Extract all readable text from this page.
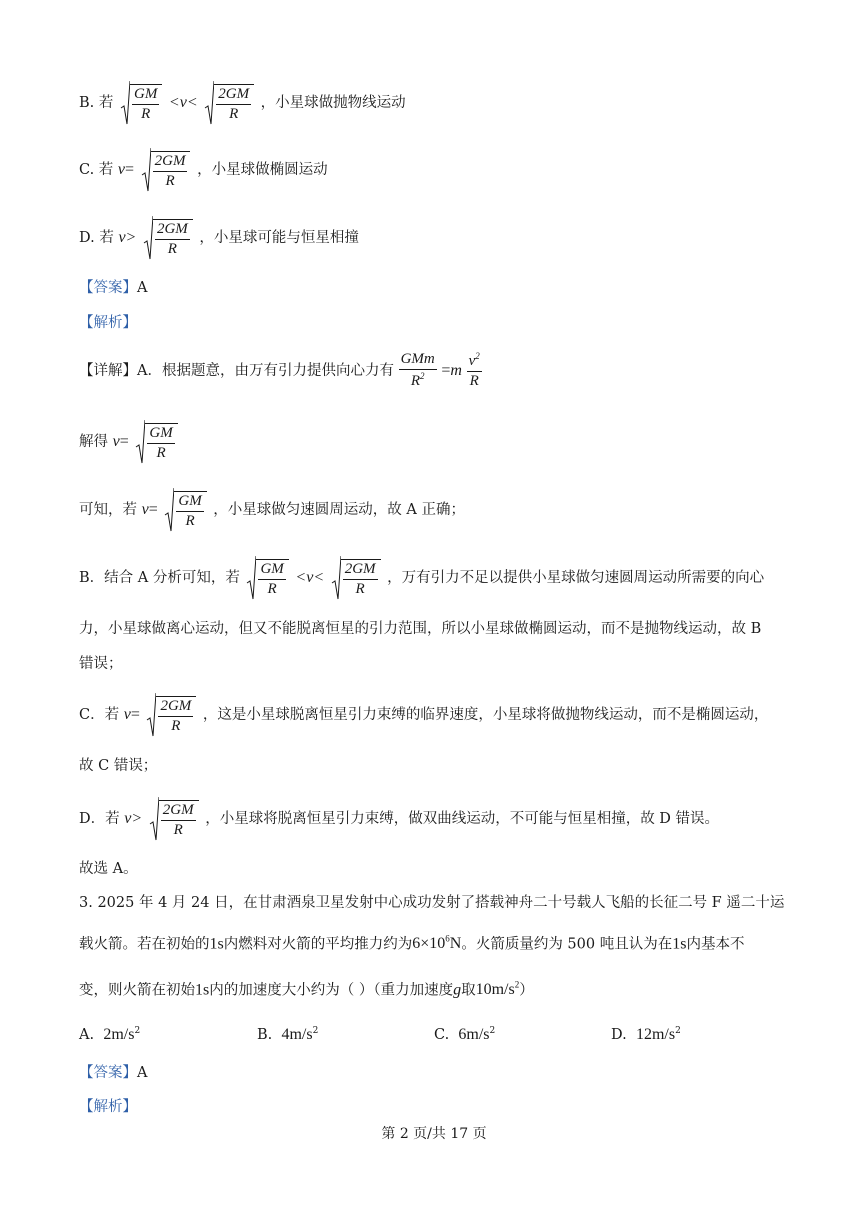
B. 若 $\frac{GM}{R} <v< \frac{2GM}{R}$ ，小星球做抛物线运动
C. 若 $v= \frac{2GM}{R}$ ，小星球做椭圆运动
D. 若 $v> \frac{2GM}{R}$ ，小星球可能与恒星相撞
【答案】A
【解析】
【详解】A．根据题意，由万有引力提供向心力有 $\frac{\text{GMm}}{R^2} =m \frac{v^2}{R}$
解得 $v= \frac{GM}{R}$
可知，若 $v= \frac{GM}{R}$ ，小星球做匀速圆周运动，故 A 正确；
B．结合 A 分析可知，若 $\frac{GM}{R} <v< \frac{2GM}{R}$ ，万有引力不足以提供小星球做匀速圆周运动所需要的向心
力，小星球做离心运动，但又不能脱离恒星的引力范围，所以小星球做椭圆运动，而不是抛物线运动，故 B
错误；
C．若 $v= \frac{2GM}{R}$ ，这是小星球脱离恒星引力束缚的临界速度，小星球将做抛物线运动，而不是椭圆运动，
故 C 错误；
D．若 $v> \frac{2GM}{R}$ ，小星球将脱离恒星引力束缚，做双曲线运动，不可能与恒星相撞，故 D 错误。
故选 A。
3. 2025 年 4 月 24 日，在甘肃酒泉卫星发射中心成功发射了搭载神舟二十号载人飞船的长征二号 F 遥二十运
载火箭。若在初始的1s内燃料对火箭的平均推力约为$6\times 10^6N$。火箭质量约为 500 吨且认为在1s内基本不
变，则火箭在初始1s内的加速度大小约为（ ）（重力加速度g取$10m/s^2$）
A. $2m/s^2$	B. $4m/s^2$	C. $6m/s^2$	D. $12m/s^2$
【答案】A
【解析】
第 2 页/共 17 页
